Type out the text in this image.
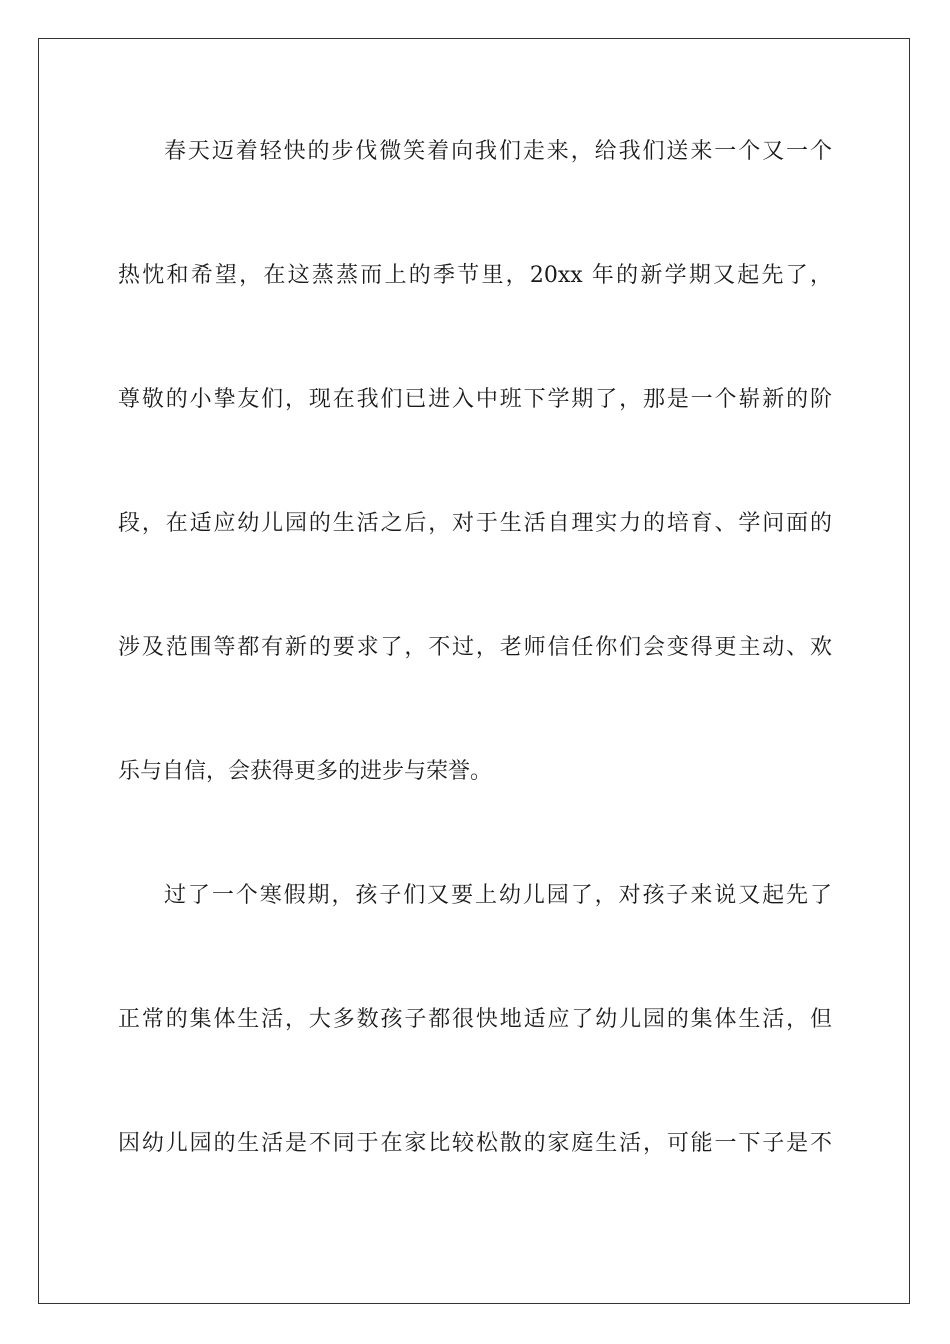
春天迈着轻快的步伐微笑着向我们走来，给我们送来一个又一个
热忱和希望，在这蒸蒸而上的季节里，20xx 年的新学期又起先了，
尊敬的小挚友们，现在我们已进入中班下学期了，那是一个崭新的阶
段，在适应幼儿园的生活之后，对于生活自理实力的培育、学问面的
涉及范围等都有新的要求了，不过，老师信任你们会变得更主动、欢
乐与自信，会获得更多的进步与荣誉。
过了一个寒假期，孩子们又要上幼儿园了，对孩子来说又起先了
正常的集体生活，大多数孩子都很快地适应了幼儿园的集体生活，但
因幼儿园的生活是不同于在家比较松散的家庭生活，可能一下子是不
